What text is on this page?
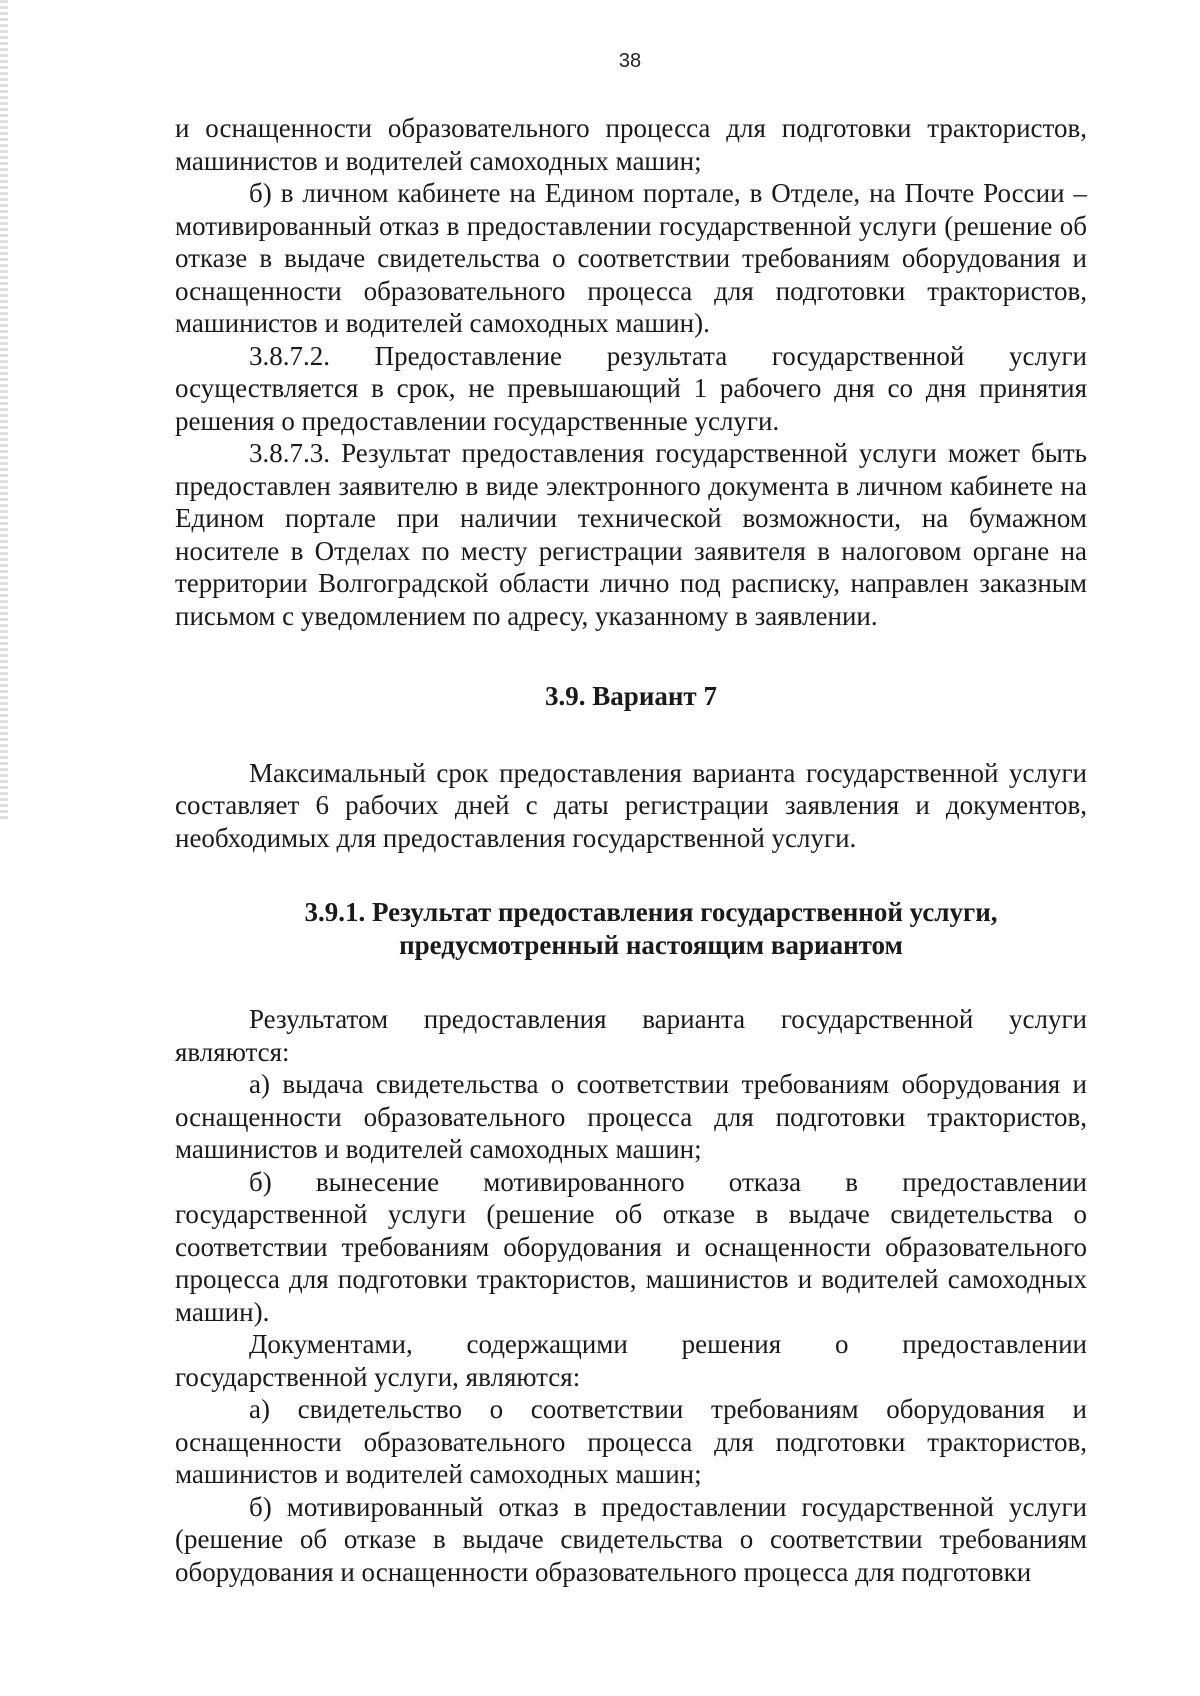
38

и оснащенности образовательного процесса для подготовки трактористов, машинистов и водителей самоходных машин;

б) в личном кабинете на Едином портале, в Отделе, на Почте России – мотивированный отказ в предоставлении государственной услуги (решение об отказе в выдаче свидетельства о соответствии требованиям оборудования и оснащенности образовательного процесса для подготовки трактористов, машинистов и водителей самоходных машин).

3.8.7.2. Предоставление результата государственной услуги осуществляется в срок, не превышающий 1 рабочего дня со дня принятия решения о предоставлении государственные услуги.

3.8.7.3. Результат предоставления государственной услуги может быть предоставлен заявителю в виде электронного документа в личном кабинете на Едином портале при наличии технической возможности, на бумажном носителе в Отделах по месту регистрации заявителя в налоговом органе на территории Волгоградской области лично под расписку, направлен заказным письмом с уведомлением по адресу, указанному в заявлении.

3.9. Вариант 7

Максимальный срок предоставления варианта государственной услуги составляет 6 рабочих дней с даты регистрации заявления и документов, необходимых для предоставления государственной услуги.

3.9.1. Результат предоставления государственной услуги, предусмотренный настоящим вариантом

Результатом предоставления варианта государственной услуги являются:

а) выдача свидетельства о соответствии требованиям оборудования и оснащенности образовательного процесса для подготовки трактористов, машинистов и водителей самоходных машин;

б) вынесение мотивированного отказа в предоставлении государственной услуги (решение об отказе в выдаче свидетельства о соответствии требованиям оборудования и оснащенности образовательного процесса для подготовки трактористов, машинистов и водителей самоходных машин).

Документами, содержащими решения о предоставлении государственной услуги, являются:

а) свидетельство о соответствии требованиям оборудования и оснащенности образовательного процесса для подготовки трактористов, машинистов и водителей самоходных машин;

б) мотивированный отказ в предоставлении государственной услуги (решение об отказе в выдаче свидетельства о соответствии требованиям оборудования и оснащенности образовательного процесса для подготовки
